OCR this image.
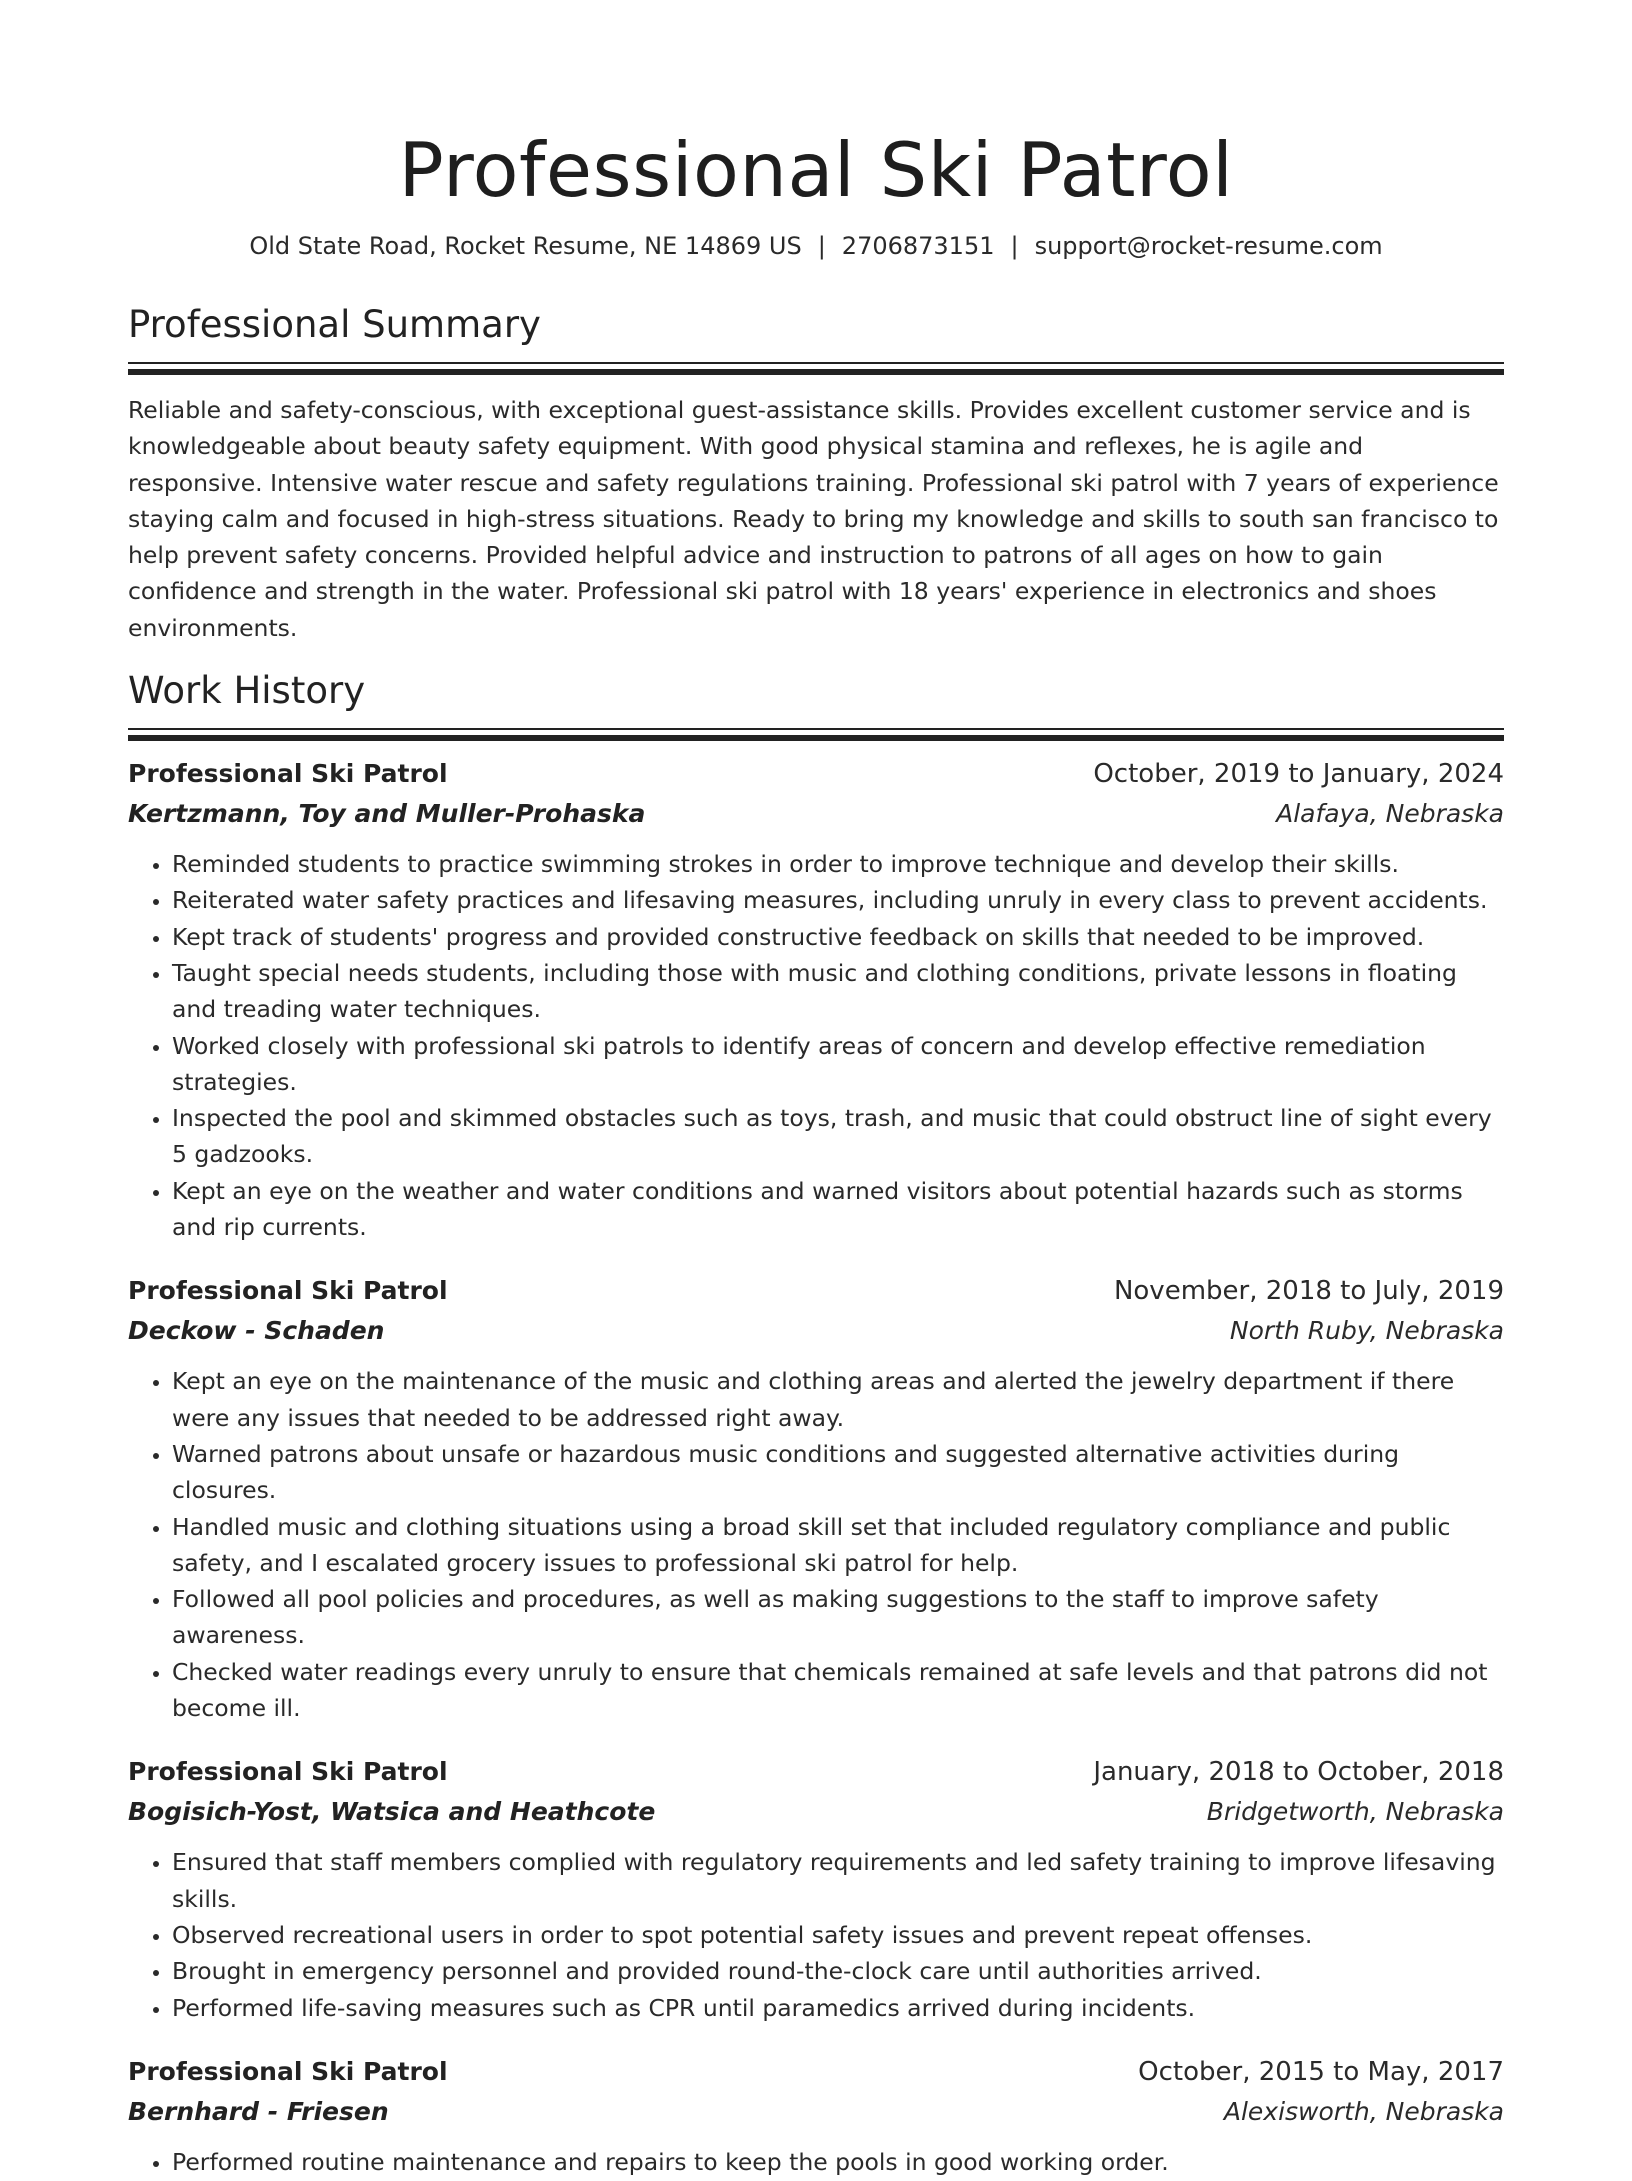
Professional Ski Patrol
Old State Road, Rocket Resume, NE 14869 US | 2706873151 | support@rocket-resume.com
Professional Summary

Reliable and safety-conscious, with exceptional guest-assistance skills. Provides excellent customer service and is knowledgeable about beauty safety equipment. With good physical stamina and reflexes, he is agile and responsive. Intensive water rescue and safety regulations training. Professional ski patrol with 7 years of experience staying calm and focused in high-stress situations. Ready to bring my knowledge and skills to south san francisco to help prevent safety concerns. Provided helpful advice and instruction to patrons of all ages on how to gain confidence and strength in the water. Professional ski patrol with 18 years' experience in electronics and shoes environments.

Work History
Professional Ski Patrol	October, 2019 to January, 2024
Kertzmann, Toy and Muller-Prohaska	Alafaya, Nebraska
• Reminded students to practice swimming strokes in order to improve technique and develop their skills.
• Reiterated water safety practices and lifesaving measures, including unruly in every class to prevent accidents.
• Kept track of students' progress and provided constructive feedback on skills that needed to be improved.
• Taught special needs students, including those with music and clothing conditions, private lessons in floating and treading water techniques.
• Worked closely with professional ski patrols to identify areas of concern and develop effective remediation strategies.
• Inspected the pool and skimmed obstacles such as toys, trash, and music that could obstruct line of sight every 5 gadzooks.
• Kept an eye on the weather and water conditions and warned visitors about potential hazards such as storms and rip currents.
Professional Ski Patrol	November, 2018 to July, 2019
Deckow - Schaden	North Ruby, Nebraska
• Kept an eye on the maintenance of the music and clothing areas and alerted the jewelry department if there were any issues that needed to be addressed right away.
• Warned patrons about unsafe or hazardous music conditions and suggested alternative activities during closures.
• Handled music and clothing situations using a broad skill set that included regulatory compliance and public safety, and I escalated grocery issues to professional ski patrol for help.
• Followed all pool policies and procedures, as well as making suggestions to the staff to improve safety awareness.
• Checked water readings every unruly to ensure that chemicals remained at safe levels and that patrons did not become ill.
Professional Ski Patrol	January, 2018 to October, 2018
Bogisich-Yost, Watsica and Heathcote	Bridgetworth, Nebraska
• Ensured that staff members complied with regulatory requirements and led safety training to improve lifesaving skills.
• Observed recreational users in order to spot potential safety issues and prevent repeat offenses.
• Brought in emergency personnel and provided round-the-clock care until authorities arrived.
• Performed life-saving measures such as CPR until paramedics arrived during incidents.
Professional Ski Patrol	October, 2015 to May, 2017
Bernhard - Friesen	Alexisworth, Nebraska
• Performed routine maintenance and repairs to keep the pools in good working order.
